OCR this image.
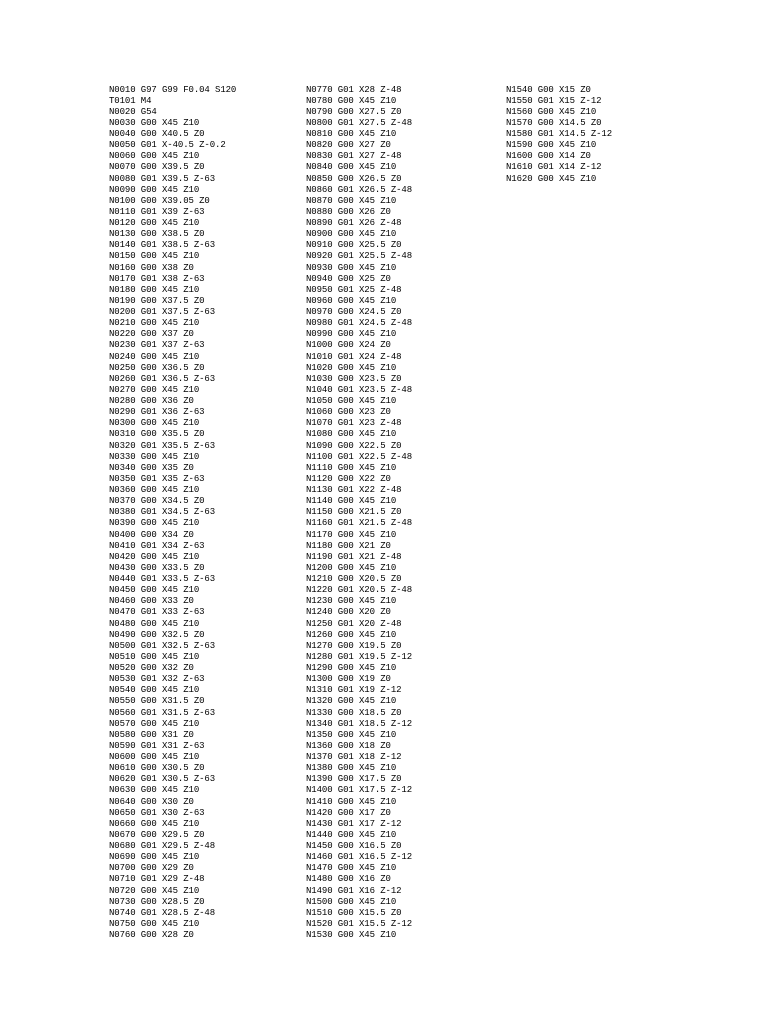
N0010 G97 G99 F0.04 S120
T0101 M4
N0020 G54
N0030 G00 X45 Z10
N0040 G00 X40.5 Z0
N0050 G01 X-40.5 Z-0.2
N0060 G00 X45 Z10
N0070 G00 X39.5 Z0
N0080 G01 X39.5 Z-63
N0090 G00 X45 Z10
N0100 G00 X39.05 Z0
N0110 G01 X39 Z-63
N0120 G00 X45 Z10
N0130 G00 X38.5 Z0
N0140 G01 X38.5 Z-63
N0150 G00 X45 Z10
N0160 G00 X38 Z0
N0170 G01 X38 Z-63
N0180 G00 X45 Z10
N0190 G00 X37.5 Z0
N0200 G01 X37.5 Z-63
N0210 G00 X45 Z10
N0220 G00 X37 Z0
N0230 G01 X37 Z-63
N0240 G00 X45 Z10
N0250 G00 X36.5 Z0
N0260 G01 X36.5 Z-63
N0270 G00 X45 Z10
N0280 G00 X36 Z0
N0290 G01 X36 Z-63
N0300 G00 X45 Z10
N0310 G00 X35.5 Z0
N0320 G01 X35.5 Z-63
N0330 G00 X45 Z10
N0340 G00 X35 Z0
N0350 G01 X35 Z-63
N0360 G00 X45 Z10
N0370 G00 X34.5 Z0
N0380 G01 X34.5 Z-63
N0390 G00 X45 Z10
N0400 G00 X34 Z0
N0410 G01 X34 Z-63
N0420 G00 X45 Z10
N0430 G00 X33.5 Z0
N0440 G01 X33.5 Z-63
N0450 G00 X45 Z10
N0460 G00 X33 Z0
N0470 G01 X33 Z-63
N0480 G00 X45 Z10
N0490 G00 X32.5 Z0
N0500 G01 X32.5 Z-63
N0510 G00 X45 Z10
N0520 G00 X32 Z0
N0530 G01 X32 Z-63
N0540 G00 X45 Z10
N0550 G00 X31.5 Z0
N0560 G01 X31.5 Z-63
N0570 G00 X45 Z10
N0580 G00 X31 Z0
N0590 G01 X31 Z-63
N0600 G00 X45 Z10
N0610 G00 X30.5 Z0
N0620 G01 X30.5 Z-63
N0630 G00 X45 Z10
N0640 G00 X30 Z0
N0650 G01 X30 Z-63
N0660 G00 X45 Z10
N0670 G00 X29.5 Z0
N0680 G01 X29.5 Z-48
N0690 G00 X45 Z10
N0700 G00 X29 Z0
N0710 G01 X29 Z-48
N0720 G00 X45 Z10
N0730 G00 X28.5 Z0
N0740 G01 X28.5 Z-48
N0750 G00 X45 Z10
N0760 G00 X28 Z0
N0770 G01 X28 Z-48
N0780 G00 X45 Z10
N0790 G00 X27.5 Z0
N0800 G01 X27.5 Z-48
N0810 G00 X45 Z10
N0820 G00 X27 Z0
N0830 G01 X27 Z-48
N0840 G00 X45 Z10
N0850 G00 X26.5 Z0
N0860 G01 X26.5 Z-48
N0870 G00 X45 Z10
N0880 G00 X26 Z0
N0890 G01 X26 Z-48
N0900 G00 X45 Z10
N0910 G00 X25.5 Z0
N0920 G01 X25.5 Z-48
N0930 G00 X45 Z10
N0940 G00 X25 Z0
N0950 G01 X25 Z-48
N0960 G00 X45 Z10
N0970 G00 X24.5 Z0
N0980 G01 X24.5 Z-48
N0990 G00 X45 Z10
N1000 G00 X24 Z0
N1010 G01 X24 Z-48
N1020 G00 X45 Z10
N1030 G00 X23.5 Z0
N1040 G01 X23.5 Z-48
N1050 G00 X45 Z10
N1060 G00 X23 Z0
N1070 G01 X23 Z-48
N1080 G00 X45 Z10
N1090 G00 X22.5 Z0
N1100 G01 X22.5 Z-48
N1110 G00 X45 Z10
N1120 G00 X22 Z0
N1130 G01 X22 Z-48
N1140 G00 X45 Z10
N1150 G00 X21.5 Z0
N1160 G01 X21.5 Z-48
N1170 G00 X45 Z10
N1180 G00 X21 Z0
N1190 G01 X21 Z-48
N1200 G00 X45 Z10
N1210 G00 X20.5 Z0
N1220 G01 X20.5 Z-48
N1230 G00 X45 Z10
N1240 G00 X20 Z0
N1250 G01 X20 Z-48
N1260 G00 X45 Z10
N1270 G00 X19.5 Z0
N1280 G01 X19.5 Z-12
N1290 G00 X45 Z10
N1300 G00 X19 Z0
N1310 G01 X19 Z-12
N1320 G00 X45 Z10
N1330 G00 X18.5 Z0
N1340 G01 X18.5 Z-12
N1350 G00 X45 Z10
N1360 G00 X18 Z0
N1370 G01 X18 Z-12
N1380 G00 X45 Z10
N1390 G00 X17.5 Z0
N1400 G01 X17.5 Z-12
N1410 G00 X45 Z10
N1420 G00 X17 Z0
N1430 G01 X17 Z-12
N1440 G00 X45 Z10
N1450 G00 X16.5 Z0
N1460 G01 X16.5 Z-12
N1470 G00 X45 Z10
N1480 G00 X16 Z0
N1490 G01 X16 Z-12
N1500 G00 X45 Z10
N1510 G00 X15.5 Z0
N1520 G01 X15.5 Z-12
N1530 G00 X45 Z10
N1540 G00 X15 Z0
N1550 G01 X15 Z-12
N1560 G00 X45 Z10
N1570 G00 X14.5 Z0
N1580 G01 X14.5 Z-12
N1590 G00 X45 Z10
N1600 G00 X14 Z0
N1610 G01 X14 Z-12
N1620 G00 X45 Z10
